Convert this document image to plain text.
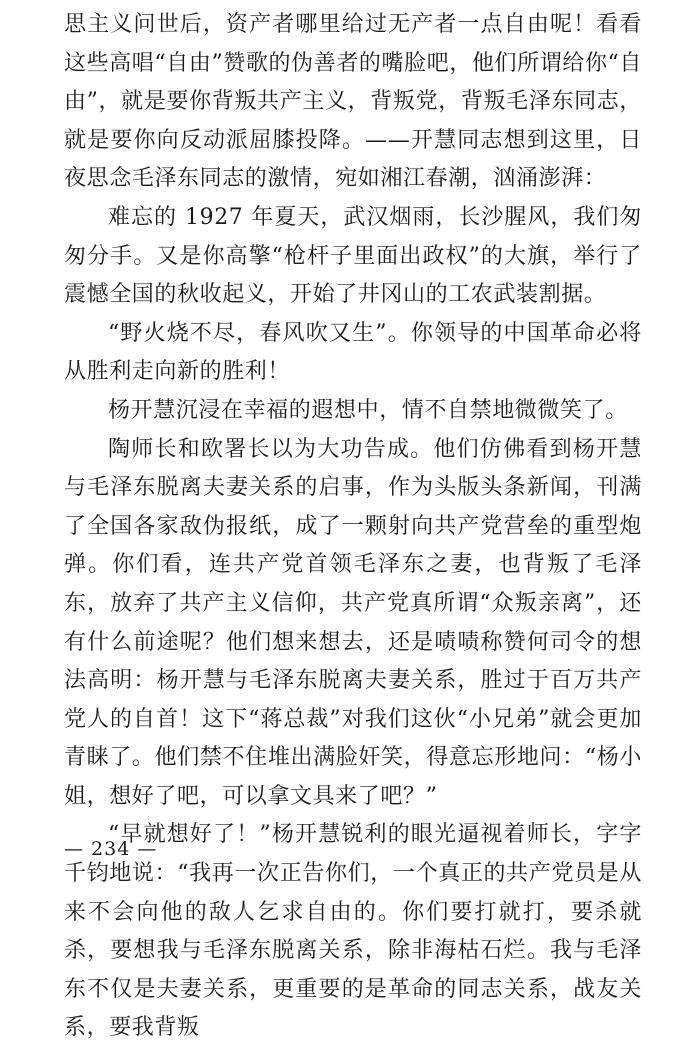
思主义问世后，资产者哪里给过无产者一点自由呢！看看这些高唱“自由”赞歌的伪善者的嘴脸吧，他们所谓给你“自由”，就是要你背叛共产主义，背叛党，背叛毛泽东同志，就是要你向反动派屈膝投降。——开慧同志想到这里，日夜思念毛泽东同志的激情，宛如湘江春潮，汹涌澎湃：

难忘的 1927 年夏天，武汉烟雨，长沙腥风，我们匆匆分手。又是你高擎“枪杆子里面出政权”的大旗，举行了震憾全国的秋收起义，开始了井冈山的工农武装割据。

“野火烧不尽，春风吹又生”。你领导的中国革命必将从胜利走向新的胜利！

杨开慧沉浸在幸福的遐想中，情不自禁地微微笑了。

陶师长和欧署长以为大功告成。他们仿佛看到杨开慧与毛泽东脱离夫妻关系的启事，作为头版头条新闻，刊满了全国各家敌伪报纸，成了一颗射向共产党营垒的重型炮弹。你们看，连共产党首领毛泽东之妻，也背叛了毛泽东，放弃了共产主义信仰，共产党真所谓“众叛亲离”，还有什么前途呢？他们想来想去，还是啧啧称赞何司令的想法高明：杨开慧与毛泽东脱离夫妻关系，胜过于百万共产党人的自首！这下“蒋总裁”对我们这伙“小兄弟”就会更加青睐了。他们禁不住堆出满脸奸笑，得意忘形地问：“杨小姐，想好了吧，可以拿文具来了吧？”

“早就想好了！”杨开慧锐利的眼光逼视着师长，字字千钧地说：“我再一次正告你们，一个真正的共产党员是从来不会向他的敌人乞求自由的。你们要打就打，要杀就杀，要想我与毛泽东脱离关系，除非海枯石烂。我与毛泽东不仅是夫妻关系，更重要的是革命的同志关系，战友关系，要我背叛

— 234 —
